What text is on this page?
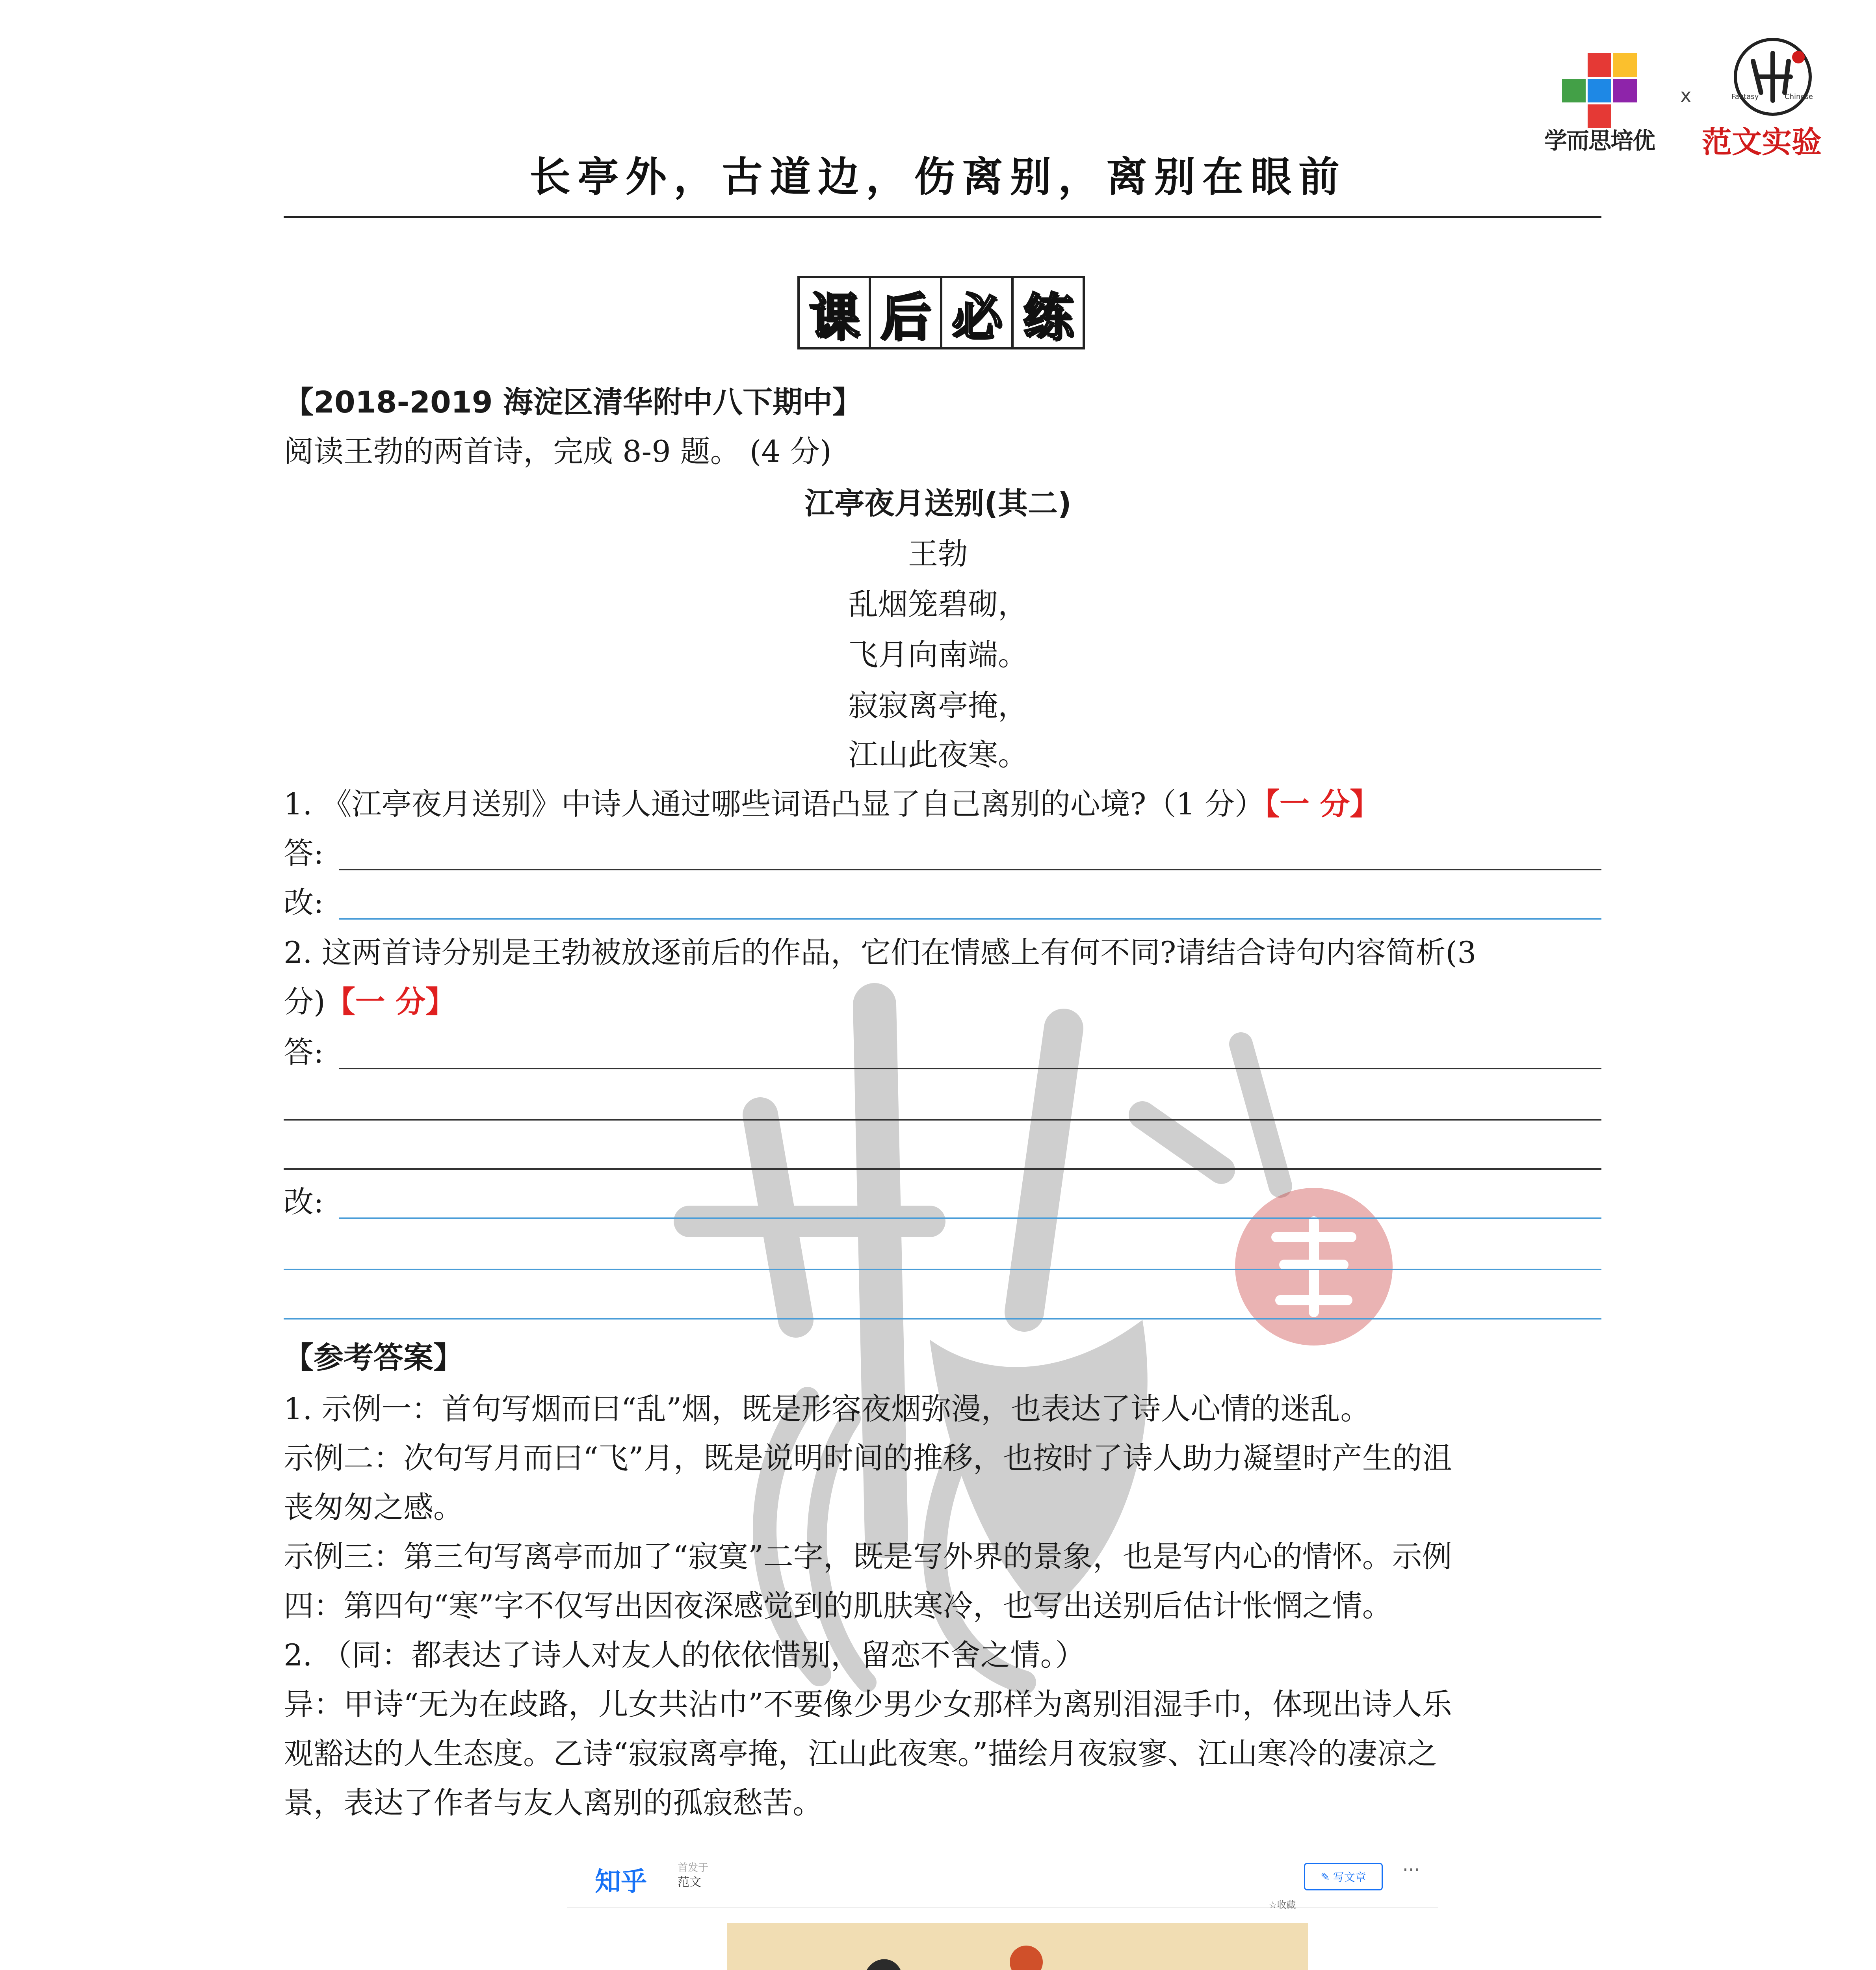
学而思培优
x	Fantasy	Chinese
范文实验
长亭外，古道边，伤离别，离别在眼前
课 后 必 练
【2018-2019 海淀区清华附中八下期中】
阅读王勃的两首诗，完成 8-9 题。 (4 分)
江亭夜月送别(其二)
王勃
乱烟笼碧砌，
飞月向南端。
寂寂离亭掩，
江山此夜寒。
1. 《江亭夜月送别》中诗人通过哪些词语凸显了自己离别的心境?（1 分）【一 分】
答:
改:
2. 这两首诗分别是王勃被放逐前后的作品，它们在情感上有何不同?请结合诗句内容简析(3
分)【一 分】
答:
改:
【参考答案】
1. 示例一：首句写烟而曰“乱”烟，既是形容夜烟弥漫，也表达了诗人心情的迷乱。
示例二：次句写月而曰“飞”月，既是说明时间的推移，也按时了诗人助力凝望时产生的沮
丧匆匆之感。
示例三：第三句写离亭而加了“寂寞”二字，既是写外界的景象，也是写内心的情怀。示例
四：第四句“寒”字不仅写出因夜深感觉到的肌肤寒冷，也写出送别后估计怅惘之情。
2. （同：都表达了诗人对友人的依依惜别，留恋不舍之情。）
异：甲诗“无为在歧路，儿女共沾巾”不要像少男少女那样为离别泪湿手巾，体现出诗人乐
观豁达的人生态度。乙诗“寂寂离亭掩，江山此夜寒。”描绘月夜寂寥、江山寒冷的凄凉之
景，表达了作者与友人离别的孤寂愁苦。
知乎	首发于
范文	✎ 写文章 ···
☆收藏
